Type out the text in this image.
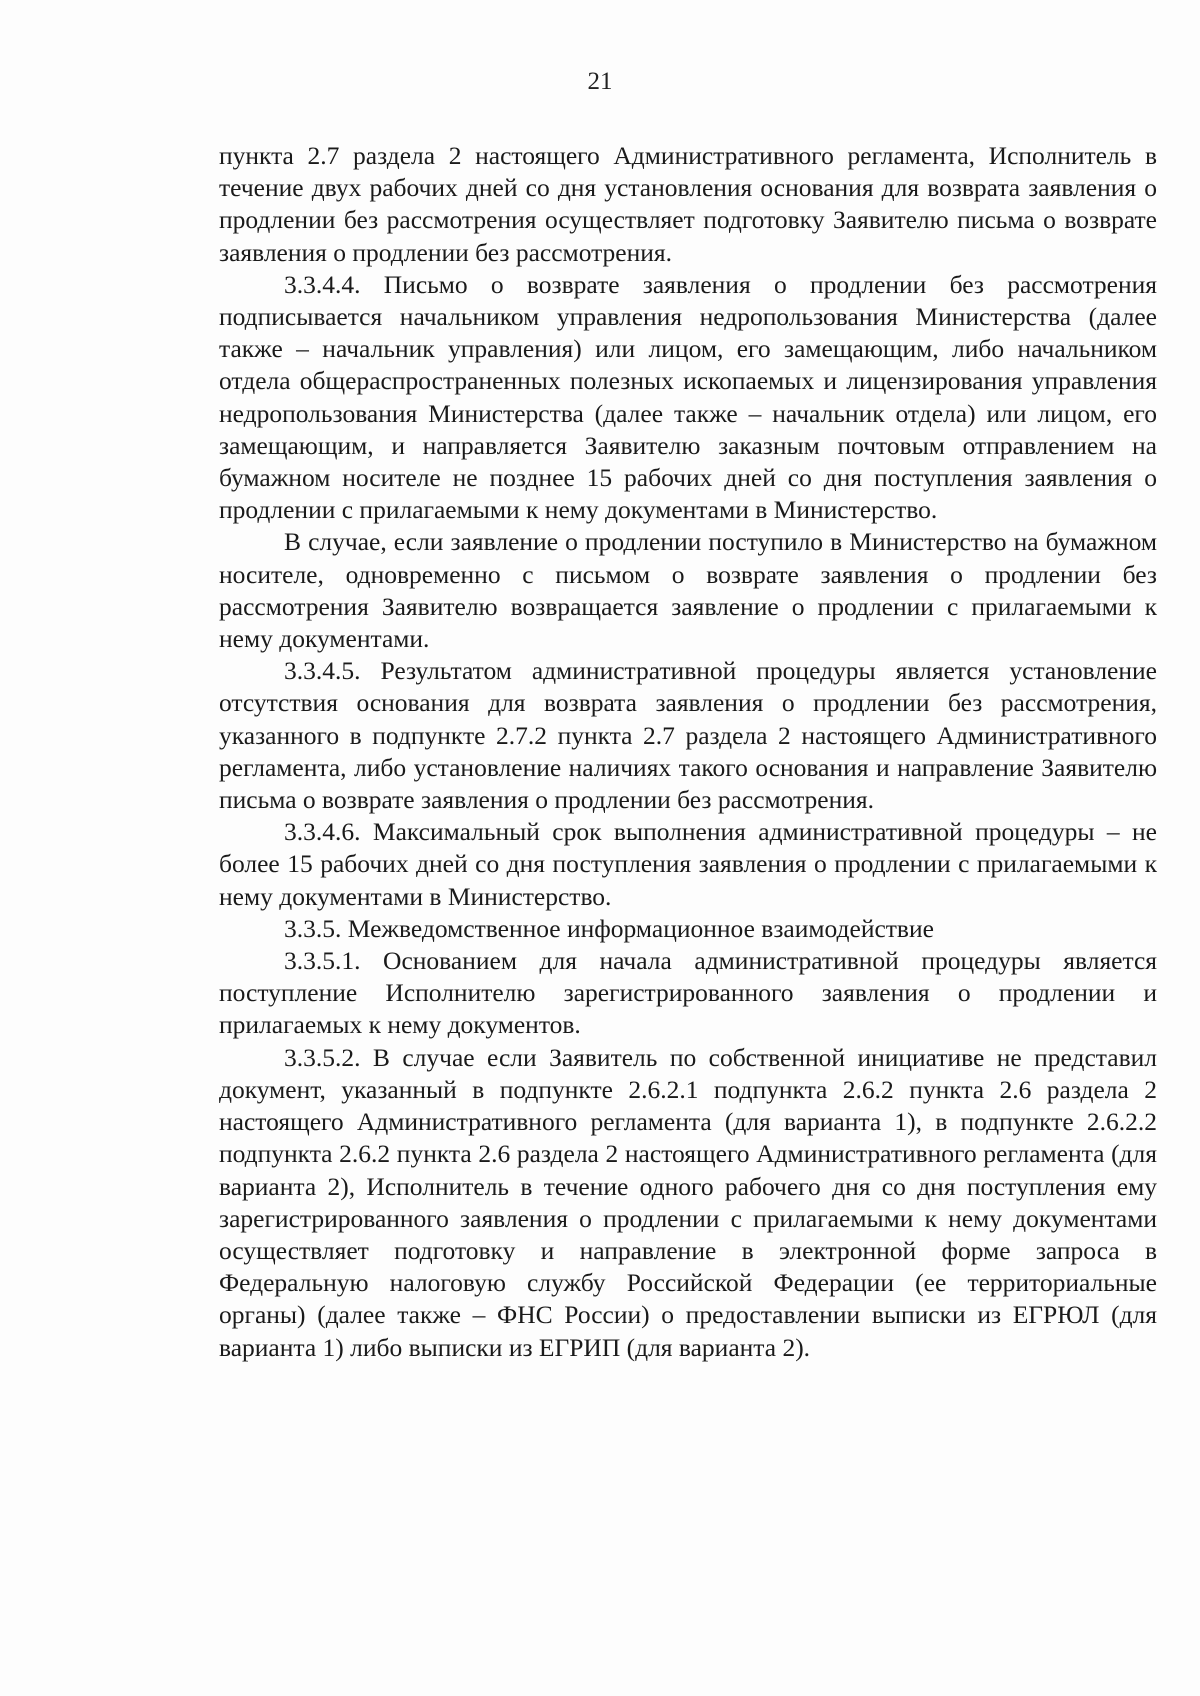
21

пункта 2.7 раздела 2 настоящего Административного регламента, Исполнитель в течение двух рабочих дней со дня установления основания для возврата заявления о продлении без рассмотрения осуществляет подготовку Заявителю письма о возврате заявления о продлении без рассмотрения.

3.3.4.4. Письмо о возврате заявления о продлении без рассмотрения подписывается начальником управления недропользования Министерства (далее также – начальник управления) или лицом, его замещающим, либо начальником отдела общераспространенных полезных ископаемых и лицензирования управления недропользования Министерства (далее также – начальник отдела) или лицом, его замещающим, и направляется Заявителю заказным почтовым отправлением на бумажном носителе не позднее 15 рабочих дней со дня поступления заявления о продлении с прилагаемыми к нему документами в Министерство.

В случае, если заявление о продлении поступило в Министерство на бумажном носителе, одновременно с письмом о возврате заявления о продлении без рассмотрения Заявителю возвращается заявление о продлении с прилагаемыми к нему документами.

3.3.4.5. Результатом административной процедуры является установление отсутствия основания для возврата заявления о продлении без рассмотрения, указанного в подпункте 2.7.2 пункта 2.7 раздела 2 настоящего Административного регламента, либо установление наличиях такого основания и направление Заявителю письма о возврате заявления о продлении без рассмотрения.

3.3.4.6. Максимальный срок выполнения административной процедуры – не более 15 рабочих дней со дня поступления заявления о продлении с прилагаемыми к нему документами в Министерство.

3.3.5. Межведомственное информационное взаимодействие

3.3.5.1. Основанием для начала административной процедуры является поступление Исполнителю зарегистрированного заявления о продлении и прилагаемых к нему документов.

3.3.5.2. В случае если Заявитель по собственной инициативе не представил документ, указанный в подпункте 2.6.2.1 подпункта 2.6.2 пункта 2.6 раздела 2 настоящего Административного регламента (для варианта 1), в подпункте 2.6.2.2 подпункта 2.6.2 пункта 2.6 раздела 2 настоящего Административного регламента (для варианта 2), Исполнитель в течение одного рабочего дня со дня поступления ему зарегистрированного заявления о продлении с прилагаемыми к нему документами осуществляет подготовку и направление в электронной форме запроса в Федеральную налоговую службу Российской Федерации (ее территориальные органы) (далее также – ФНС России) о предоставлении выписки из ЕГРЮЛ (для варианта 1) либо выписки из ЕГРИП (для варианта 2).
